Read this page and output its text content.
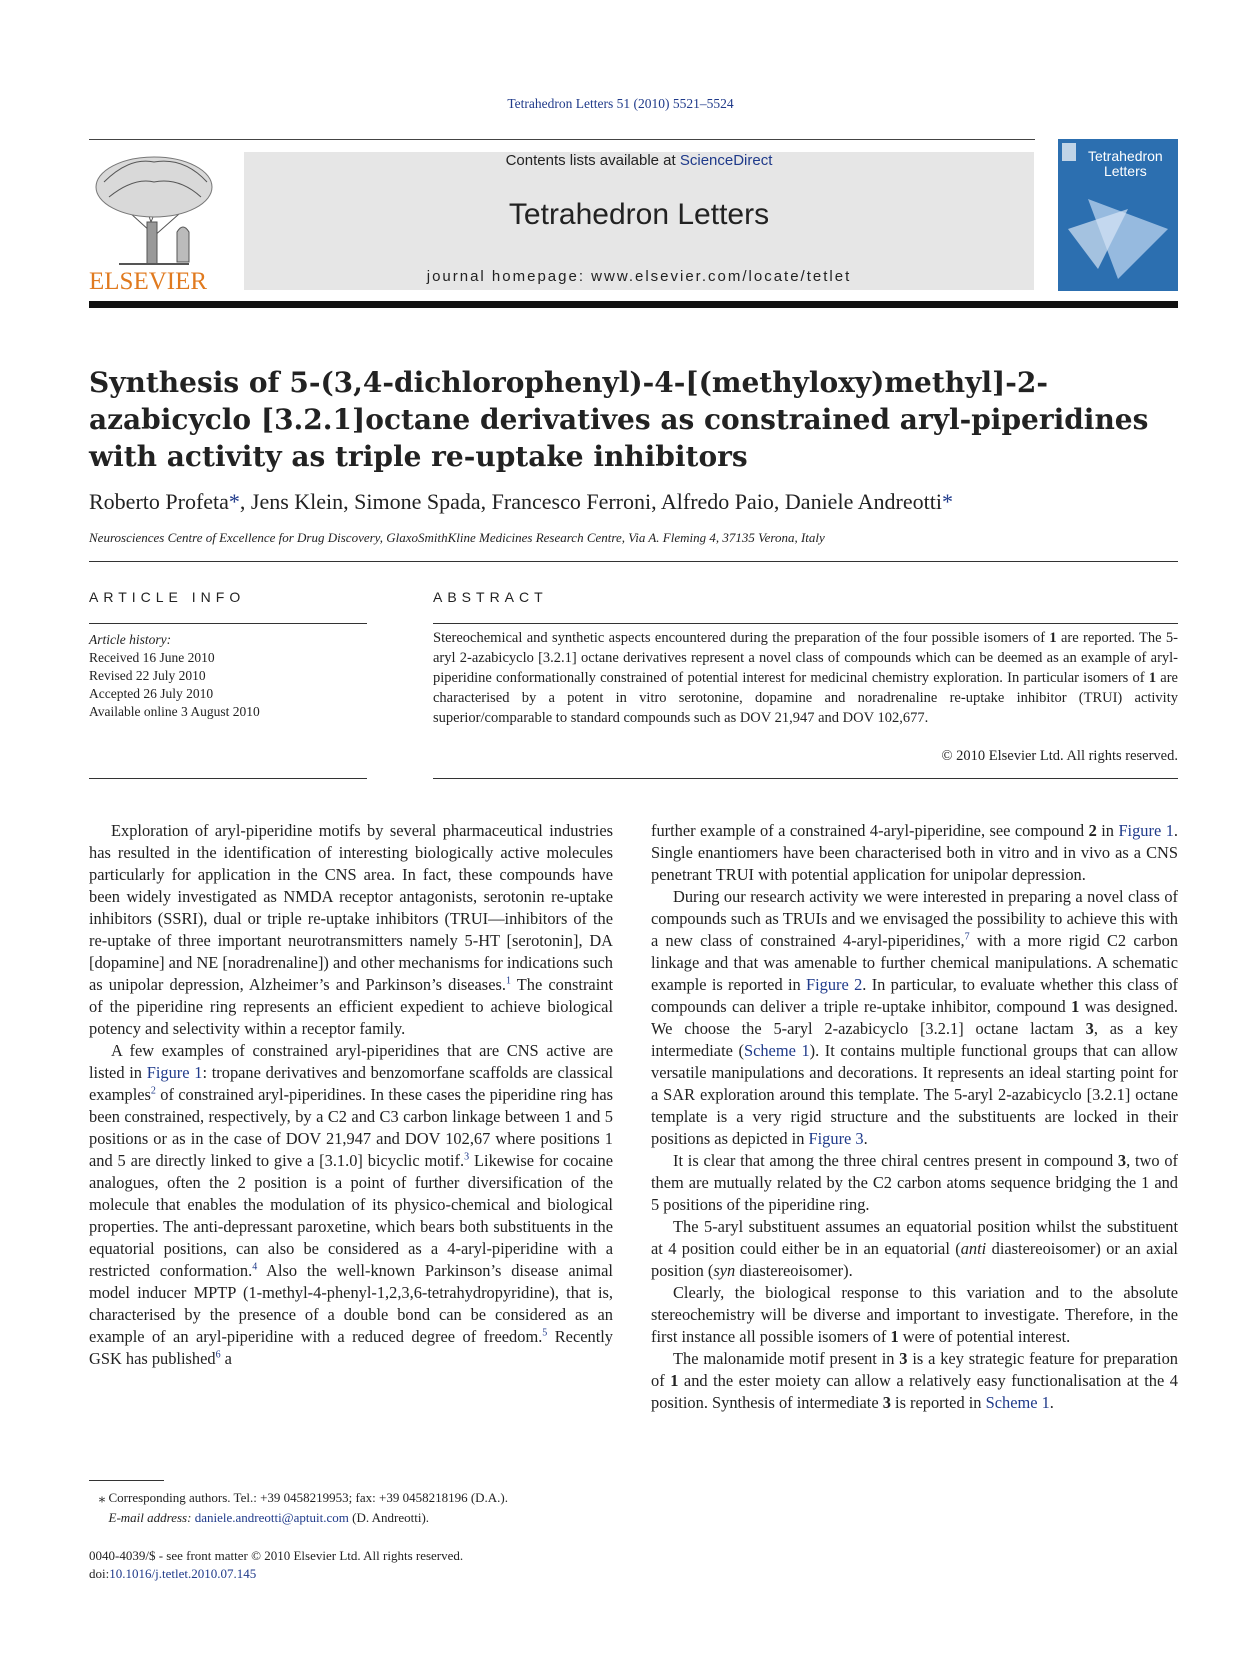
Tetrahedron Letters 51 (2010) 5521–5524
ELSEVIER
Contents lists available at ScienceDirect
Tetrahedron Letters
journal homepage: www.elsevier.com/locate/tetlet
Tetrahedron
Letters
Synthesis of 5-(3,4-dichlorophenyl)-4-[(methyloxy)methyl]-2-azabicyclo [3.2.1]octane derivatives as constrained aryl-piperidines with activity as triple re-uptake inhibitors
Roberto Profeta*, Jens Klein, Simone Spada, Francesco Ferroni, Alfredo Paio, Daniele Andreotti*
Neurosciences Centre of Excellence for Drug Discovery, GlaxoSmithKline Medicines Research Centre, Via A. Fleming 4, 37135 Verona, Italy
ARTICLE INFO
Article history:
Received 16 June 2010
Revised 22 July 2010
Accepted 26 July 2010
Available online 3 August 2010
ABSTRACT
Stereochemical and synthetic aspects encountered during the preparation of the four possible isomers of 1 are reported. The 5-aryl 2-azabicyclo [3.2.1] octane derivatives represent a novel class of compounds which can be deemed as an example of aryl-piperidine conformationally constrained of potential interest for medicinal chemistry exploration. In particular isomers of 1 are characterised by a potent in vitro serotonine, dopamine and noradrenaline re-uptake inhibitor (TRUI) activity superior/comparable to standard compounds such as DOV 21,947 and DOV 102,677.
© 2010 Elsevier Ltd. All rights reserved.

Exploration of aryl-piperidine motifs by several pharmaceutical industries has resulted in the identification of interesting biologically active molecules particularly for application in the CNS area. In fact, these compounds have been widely investigated as NMDA receptor antagonists, serotonin re-uptake inhibitors (SSRI), dual or triple re-uptake inhibitors (TRUI—inhibitors of the re-uptake of three important neurotransmitters namely 5-HT [serotonin], DA [dopamine] and NE [noradrenaline]) and other mechanisms for indications such as unipolar depression, Alzheimer’s and Parkinson’s diseases.$^1$ The constraint of the piperidine ring represents an efficient expedient to achieve biological potency and selectivity within a receptor family.

A few examples of constrained aryl-piperidines that are CNS active are listed in Figure 1: tropane derivatives and benzomorfane scaffolds are classical examples$^2$ of constrained aryl-piperidines. In these cases the piperidine ring has been constrained, respectively, by a C2 and C3 carbon linkage between 1 and 5 positions or as in the case of DOV 21,947 and DOV 102,67 where positions 1 and 5 are directly linked to give a [3.1.0] bicyclic motif.$^3$ Likewise for cocaine analogues, often the 2 position is a point of further diversification of the molecule that enables the modulation of its physico-chemical and biological properties. The anti-depressant paroxetine, which bears both substituents in the equatorial positions, can also be considered as a 4-aryl-piperidine with a restricted conformation.$^4$ Also the well-known Parkinson’s disease animal model inducer MPTP (1-methyl-4-phenyl-1,2,3,6-tetrahydropyridine), that is, characterised by the presence of a double bond can be considered as an example of an aryl-piperidine with a reduced degree of freedom.$^5$ Recently GSK has published$^6$ a

further example of a constrained 4-aryl-piperidine, see compound 2 in Figure 1. Single enantiomers have been characterised both in vitro and in vivo as a CNS penetrant TRUI with potential application for unipolar depression.

During our research activity we were interested in preparing a novel class of compounds such as TRUIs and we envisaged the possibility to achieve this with a new class of constrained 4-aryl-piperidines,$^7$ with a more rigid C2 carbon linkage and that was amenable to further chemical manipulations. A schematic example is reported in Figure 2. In particular, to evaluate whether this class of compounds can deliver a triple re-uptake inhibitor, compound 1 was designed. We choose the 5-aryl 2-azabicyclo [3.2.1] octane lactam 3, as a key intermediate (Scheme 1). It contains multiple functional groups that can allow versatile manipulations and decorations. It represents an ideal starting point for a SAR exploration around this template. The 5-aryl 2-azabicyclo [3.2.1] octane template is a very rigid structure and the substituents are locked in their positions as depicted in Figure 3.

It is clear that among the three chiral centres present in compound 3, two of them are mutually related by the C2 carbon atoms sequence bridging the 1 and 5 positions of the piperidine ring.

The 5-aryl substituent assumes an equatorial position whilst the substituent at 4 position could either be in an equatorial (anti diastereoisomer) or an axial position (syn diastereoisomer).

Clearly, the biological response to this variation and to the absolute stereochemistry will be diverse and important to investigate. Therefore, in the first instance all possible isomers of 1 were of potential interest.

The malonamide motif present in 3 is a key strategic feature for preparation of 1 and the ester moiety can allow a relatively easy functionalisation at the 4 position. Synthesis of intermediate 3 is reported in Scheme 1.

⁎ Corresponding authors. Tel.: +39 0458219953; fax: +39 0458218196 (D.A.).
E-mail address: daniele.andreotti@aptuit.com (D. Andreotti).
0040-4039/$ - see front matter © 2010 Elsevier Ltd. All rights reserved.
doi:10.1016/j.tetlet.2010.07.145
